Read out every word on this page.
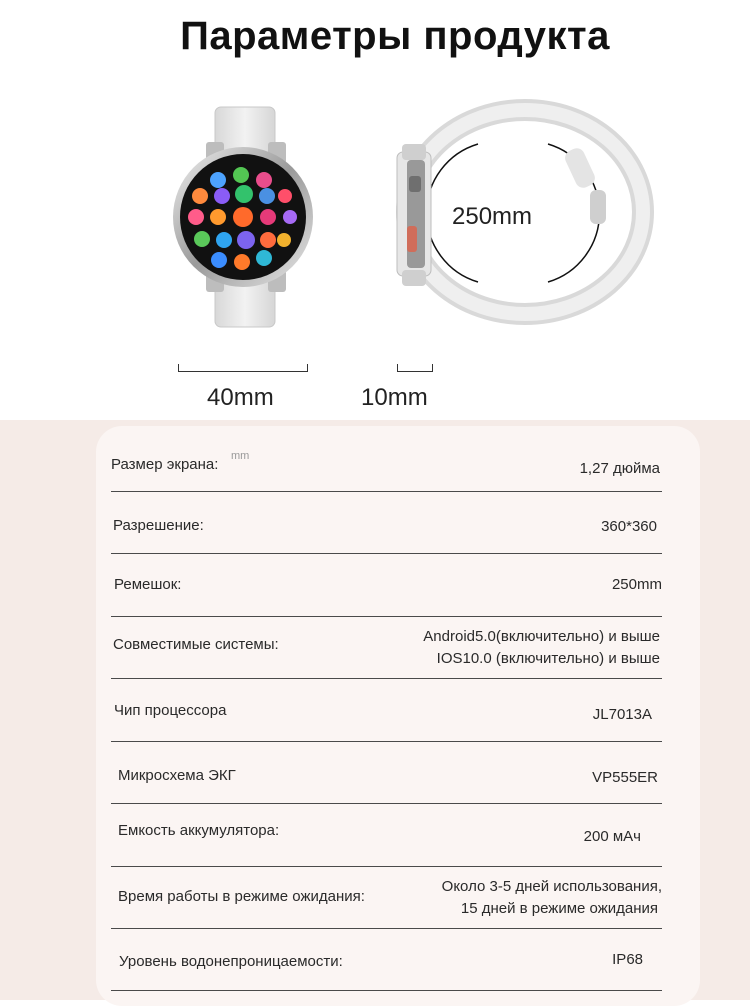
Параметры продукта
250mm
40mm	10mm
mm
Размер экрана:	1,27 дюйма
Разрешение:	360*360
Ремешок:	250mm
Совместимые системы:	Android5.0(включительно) и выше
IOS10.0 (включительно) и выше
Чип процессора	JL7013A
Микросхема ЭКГ	VP555ER
Емкость аккумулятора:	200 мАч
Время работы в режиме ожидания:
Около 3-5 дней использования,
15 дней в режиме ожидания
Уровень водонепроницаемости:	IP68
